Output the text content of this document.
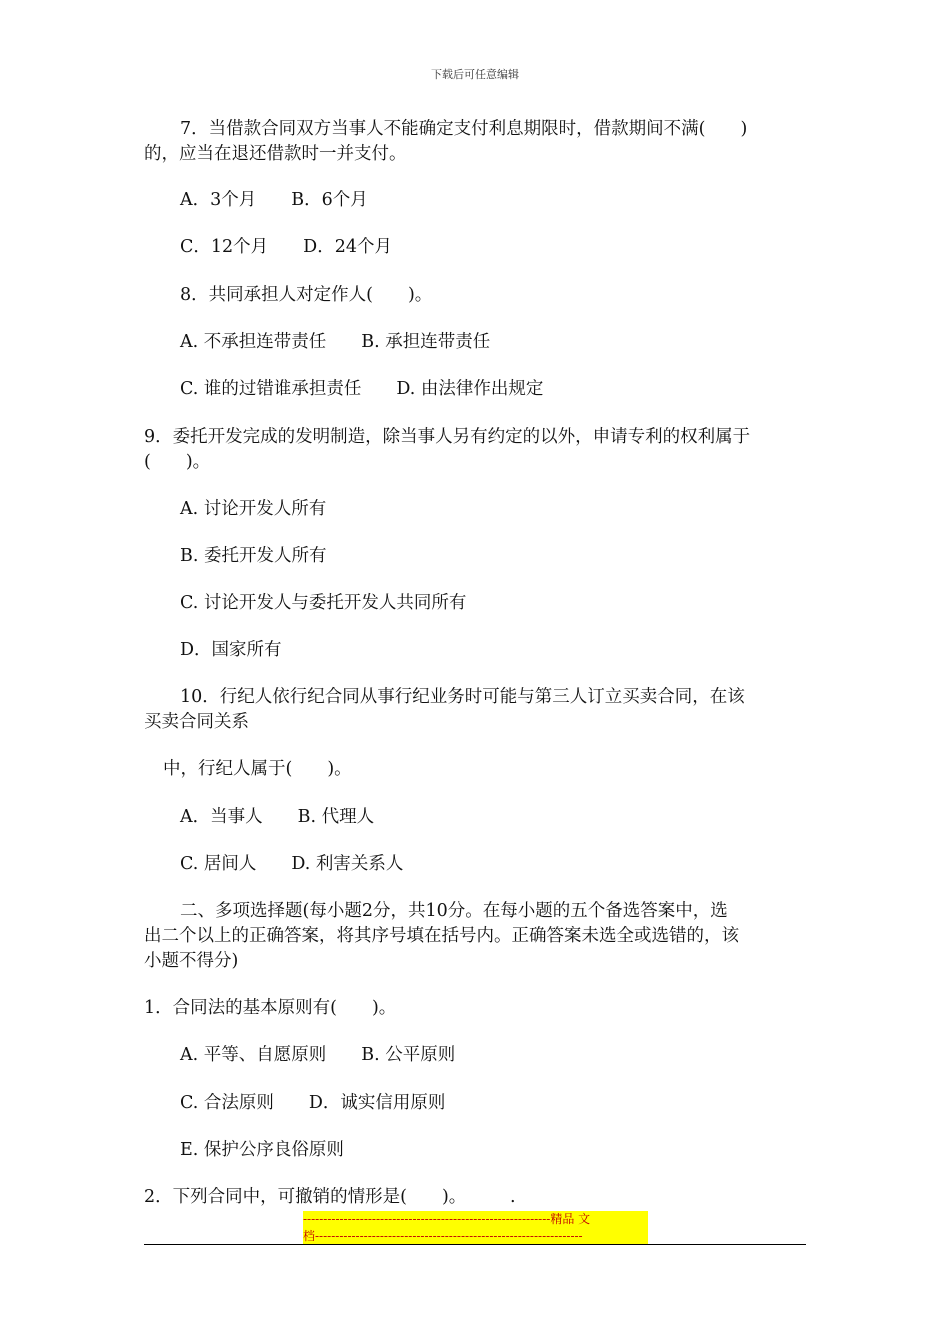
下载后可任意编辑
7．当借款合同双方当事人不能确定支付利息期限时，借款期间不满(　　)
的，应当在退还借款时一并支付。
A．3个月　　B．6个月
C．12个月　　D．24个月
8．共同承担人对定作人(　　)。
A. 不承担连带责任　　B. 承担连带责任
C. 谁的过错谁承担责任　　D. 由法律作出规定
9．委托开发完成的发明制造，除当事人另有约定的以外，申请专利的权利属于
(　　)。
A. 讨论开发人所有
B. 委托开发人所有
C. 讨论开发人与委托开发人共同所有
D．国家所有
10．行纪人依行纪合同从事行纪业务时可能与第三人订立买卖合同，在该
买卖合同关系
中，行纪人属于(　　)。
A．当事人　　B. 代理人
C. 居间人　　D. 利害关系人
二、多项选择题(每小题2分，共10分。在每小题的五个备选答案中，选
出二个以上的正确答案，将其序号填在括号内。正确答案未选全或选错的，该
小题不得分)
1．合同法的基本原则有(　　)。
A. 平等、自愿原则　　B. 公平原则
C. 合法原则　　D．诚实信用原则
E. 保护公序良俗原则
2．下列合同中，可撤销的情形是(　　)。　　　.
-------------------------------------------------------------精品 文
档------------------------------------------------------------------
